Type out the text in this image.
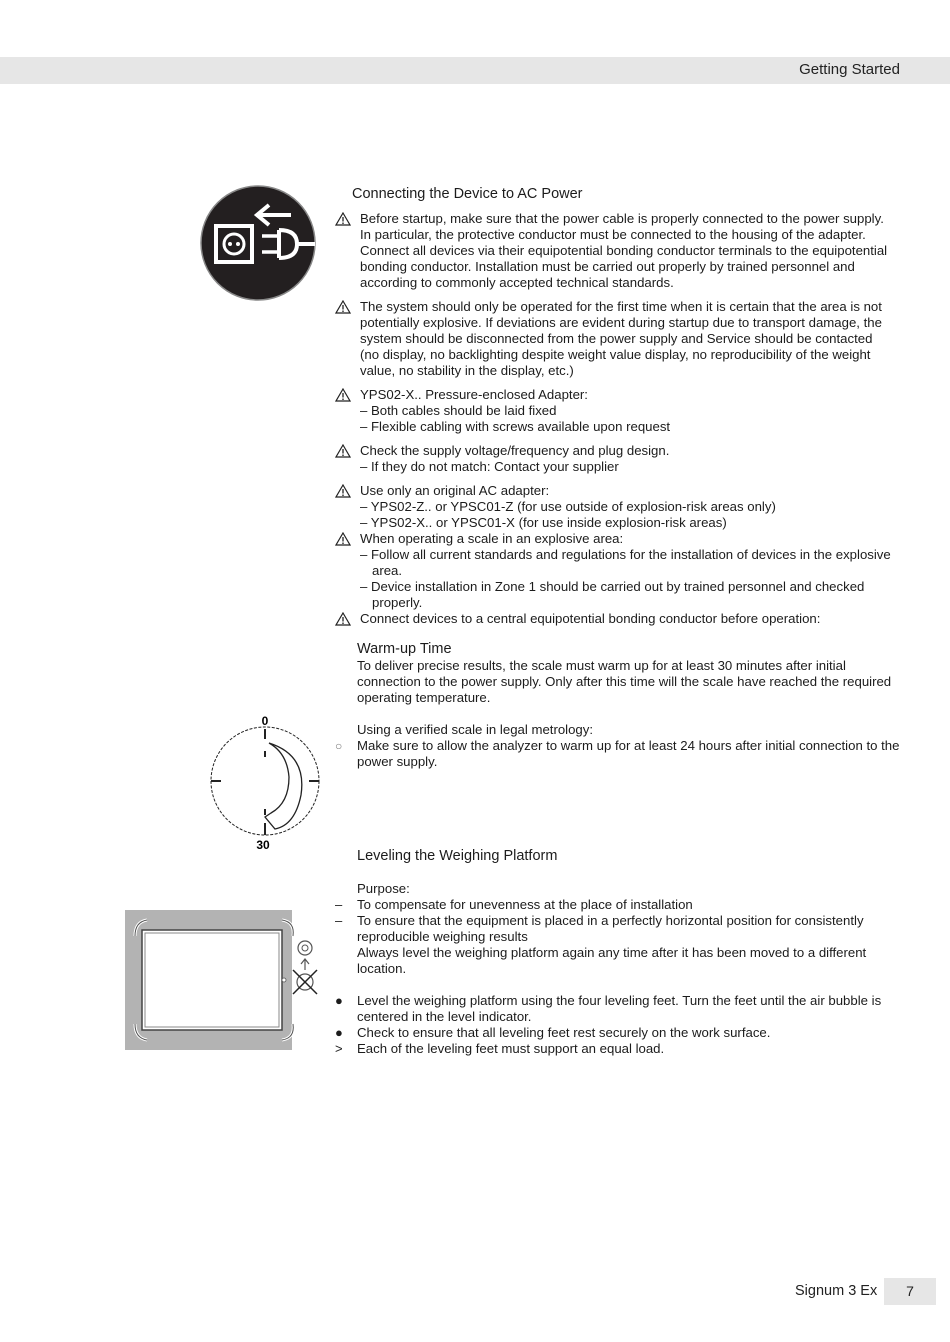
Getting Started
Connecting the Device to AC Power
Before startup, make sure that the power cable is properly connected to the power supply.
In particular, the protective conductor must be connected to the housing of the adapter.
Connect all devices via their equipotential bonding conductor terminals to the equipotential
bonding conductor. Installation must be carried out properly by trained personnel and
according to commonly accepted technical standards.
The system should only be operated for the first time when it is certain that the area is not
potentially explosive. If deviations are evident during startup due to transport damage, the
system should be disconnected from the power supply and Service should be contacted
(no display, no backlighting despite weight value display, no reproducibility of the weight
value, no stability in the display, etc.)
YPS02-X.. Pressure-enclosed Adapter:
– Both cables should be laid fixed
– Flexible cabling with screws available upon request
Check the supply voltage/frequency and plug design.
– If they do not match: Contact your supplier
Use only an original AC adapter:
– YPS02-Z.. or YPSC01-Z (for use outside of explosion-risk areas only)
– YPS02-X.. or YPSC01-X (for use inside explosion-risk areas)
When operating a scale in an explosive area:
– Follow all current standards and regulations for the installation of devices in the explosive
area.
– Device installation in Zone 1 should be carried out by trained personnel and checked
properly.
Connect devices to a central equipotential bonding conductor before operation:
Warm-up Time
To deliver precise results, the scale must warm up for at least 30 minutes after initial
connection to the power supply. Only after this time will the scale have reached the required
operating temperature.
Using a verified scale in legal metrology:
○	Make sure to allow the analyzer to warm up for at least 24 hours after initial connection to the
power supply.
0
30
Leveling the Weighing Platform
Purpose:
–	To compensate for unevenness at the place of installation
–	To ensure that the equipment is placed in a perfectly horizontal position for consistently
reproducible weighing results
Always level the weighing platform again any time after it has been moved to a different
location.
●	Level the weighing platform using the four leveling feet. Turn the feet until the air bubble is
centered in the level indicator.
●	Check to ensure that all leveling feet rest securely on the work surface.
>	Each of the leveling feet must support an equal load.
Signum 3 Ex	7
